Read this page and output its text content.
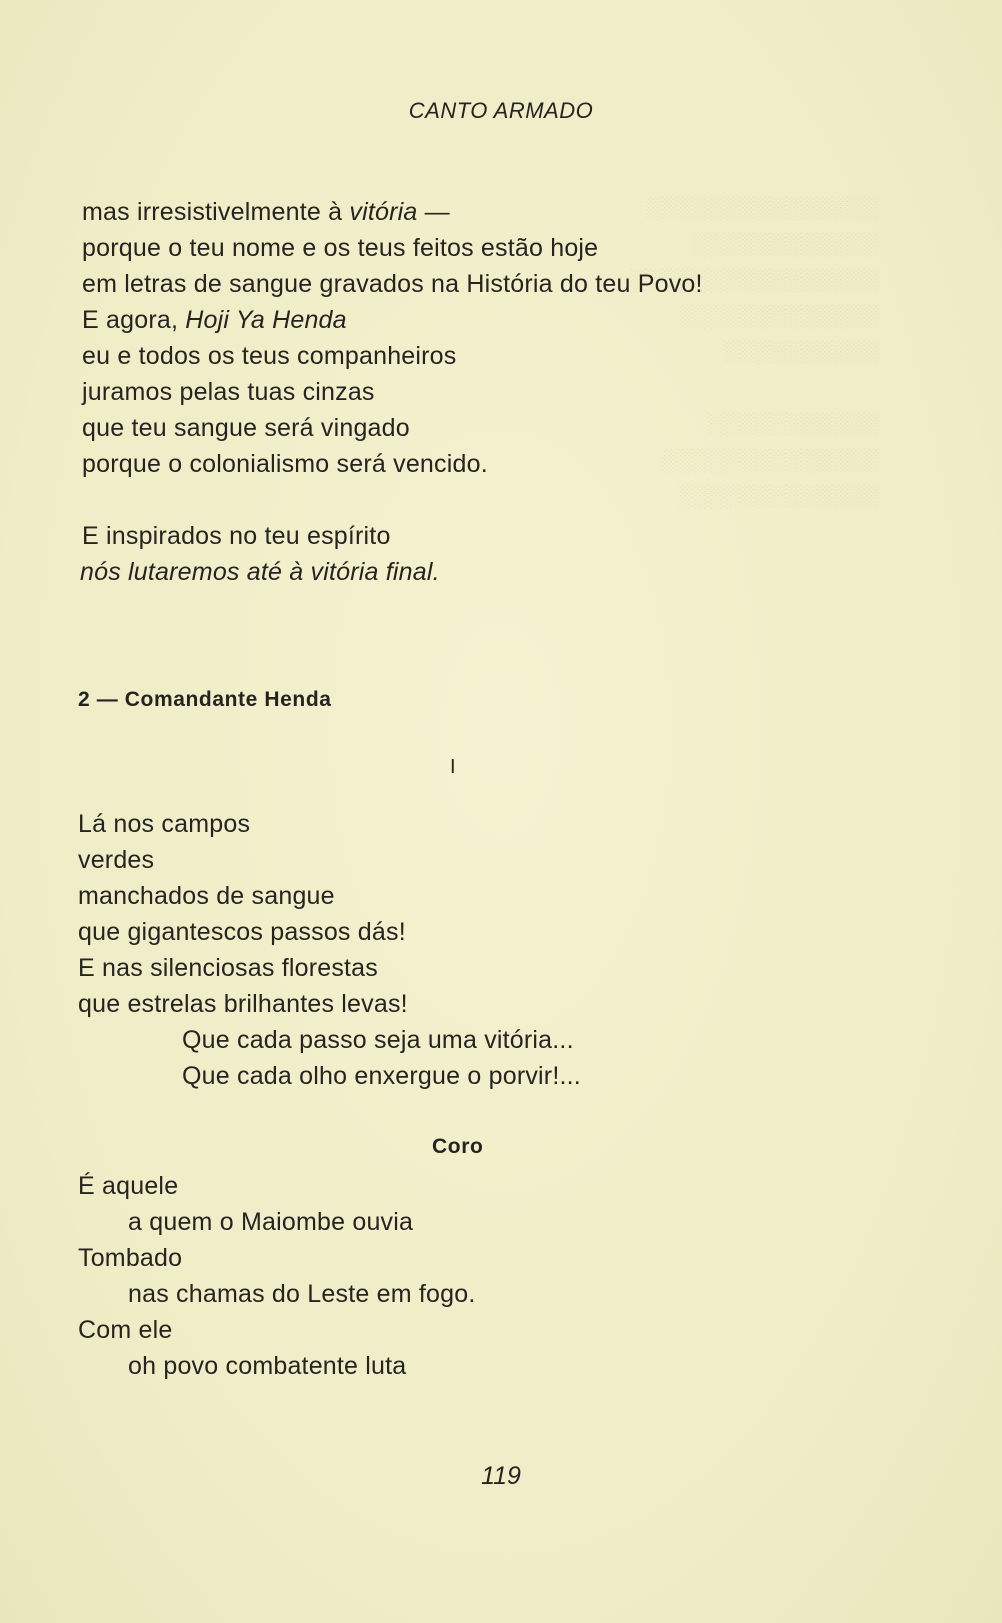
░░░░░░░░░░░░░░░
░░░░░░░░░░░░
░░░░░░░░░░░░░░░░
░░░░░░░░░░░░░
░░░░░░░░░░

░░░░░░░░░░░
░░░░░░░░░░░░░░
░░░░░░░░░░░░░
CANTO ARMADO
mas irresistivelmente à vitória —
porque o teu nome e os teus feitos estão hoje
em letras de sangue gravados na História do teu Povo!
E agora, Hoji Ya Henda
eu e todos os teus companheiros
juramos pelas tuas cinzas
que teu sangue será vingado
porque o colonialismo será vencido.
E inspirados no teu espírito
nós lutaremos até à vitória final.
2 — Comandante Henda
I
Lá nos campos
verdes
manchados de sangue
que gigantescos passos dás!
E nas silenciosas florestas
que estrelas brilhantes levas!
Que cada passo seja uma vitória...
Que cada olho enxergue o porvir!...
Coro
É aquele
a quem o Maiombe ouvia
Tombado
nas chamas do Leste em fogo.
Com ele
oh povo combatente luta
119
